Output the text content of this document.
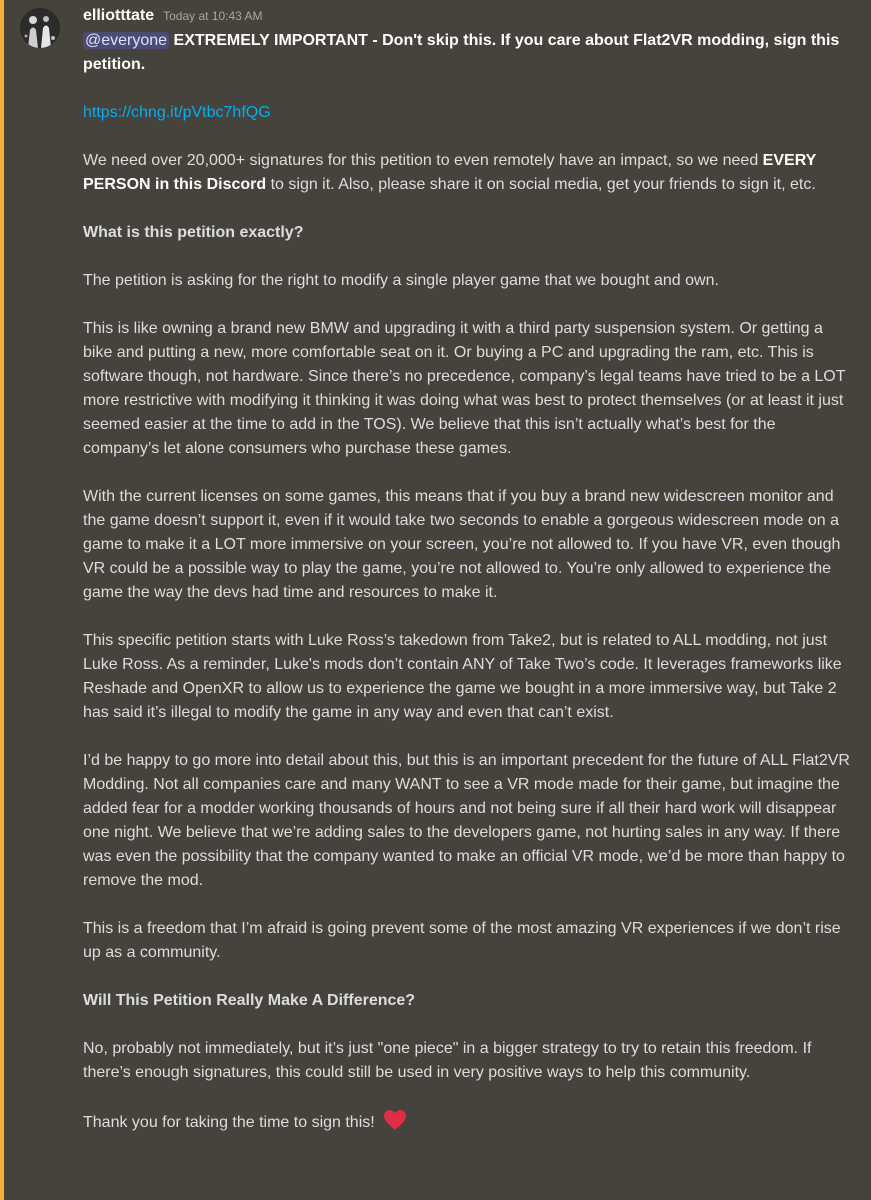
elliotttate Today at 10:43 AM

@everyone EXTREMELY IMPORTANT - Don't skip this. If you care about Flat2VR modding, sign this petition.

https://chng.it/pVtbc7hfQG

We need over 20,000+ signatures for this petition to even remotely have an impact, so we need EVERY PERSON in this Discord to sign it. Also, please share it on social media, get your friends to sign it, etc.

What is this petition exactly?

The petition is asking for the right to modify a single player game that we bought and own.

This is like owning a brand new BMW and upgrading it with a third party suspension system. Or getting a bike and putting a new, more comfortable seat on it. Or buying a PC and upgrading the ram, etc. This is software though, not hardware. Since there’s no precedence, company’s legal teams have tried to be a LOT more restrictive with modifying it thinking it was doing what was best to protect themselves (or at least it just seemed easier at the time to add in the TOS). We believe that this isn’t actually what’s best for the company’s let alone consumers who purchase these games.

With the current licenses on some games, this means that if you buy a brand new widescreen monitor and the game doesn’t support it, even if it would take two seconds to enable a gorgeous widescreen mode on a game to make it a LOT more immersive on your screen, you’re not allowed to. If you have VR, even though VR could be a possible way to play the game, you’re not allowed to. You’re only allowed to experience the game the way the devs had time and resources to make it.

This specific petition starts with Luke Ross’s takedown from Take2, but is related to ALL modding, not just Luke Ross. As a reminder, Luke's mods don’t contain ANY of Take Two’s code. It leverages frameworks like Reshade and OpenXR to allow us to experience the game we bought in a more immersive way, but Take 2 has said it’s illegal to modify the game in any way and even that can’t exist.

I’d be happy to go more into detail about this, but this is an important precedent for the future of ALL Flat2VR Modding. Not all companies care and many WANT to see a VR mode made for their game, but imagine the added fear for a modder working thousands of hours and not being sure if all their hard work will disappear one night. We believe that we’re adding sales to the developers game, not hurting sales in any way. If there was even the possibility that the company wanted to make an official VR mode, we’d be more than happy to remove the mod.

This is a freedom that I’m afraid is going prevent some of the most amazing VR experiences if we don’t rise up as a community.

Will This Petition Really Make A Difference?

No, probably not immediately, but it’s just "one piece" in a bigger strategy to try to retain this freedom. If there’s enough signatures, this could still be used in very positive ways to help this community.

Thank you for taking the time to sign this!
